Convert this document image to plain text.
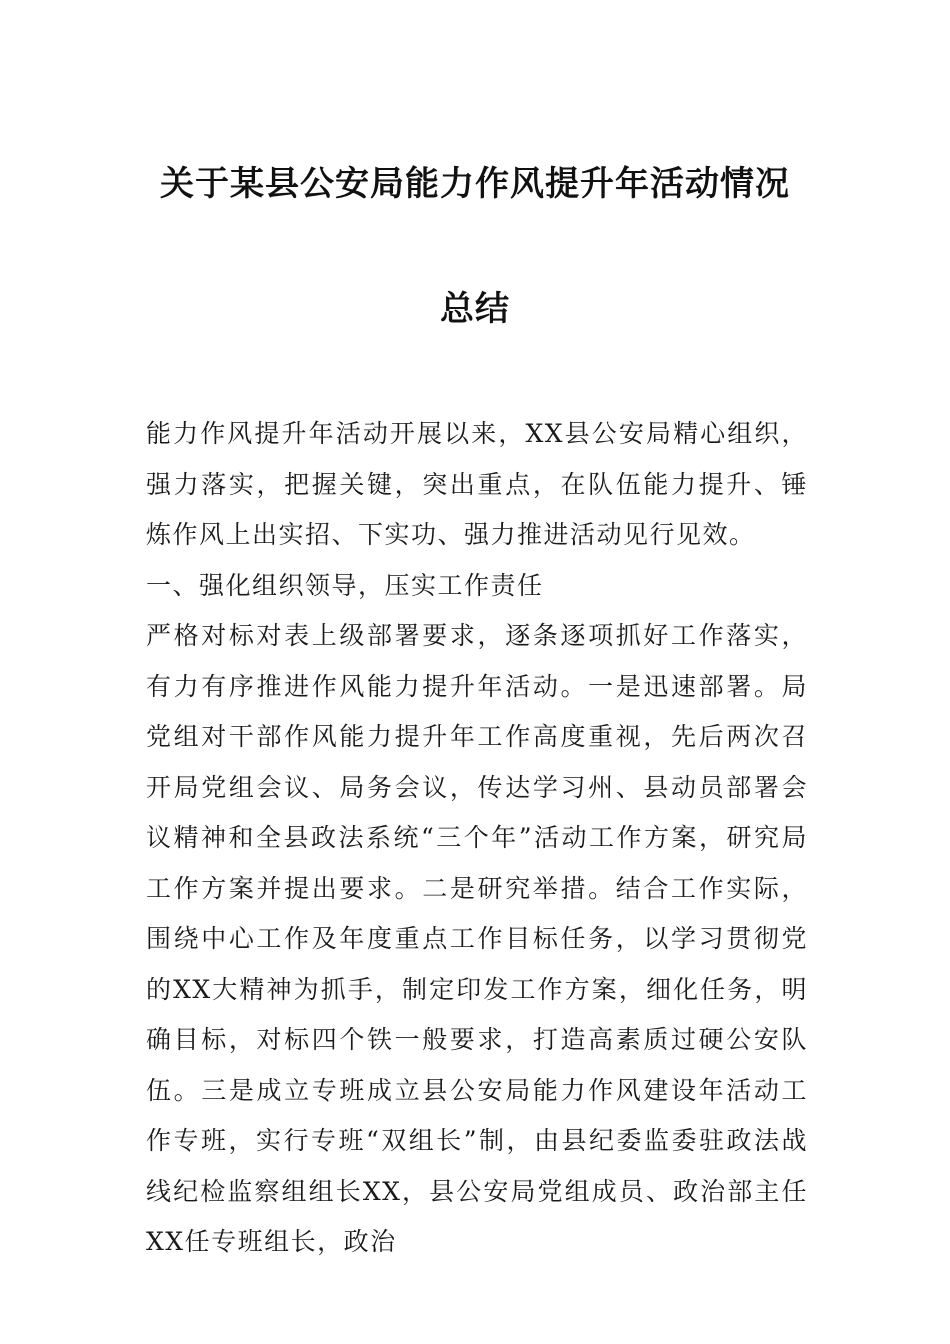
关于某县公安局能力作风提升年活动情况
总结

能力作风提升年活动开展以来，XX县公安局精心组织，强力落实，把握关键，突出重点，在队伍能力提升、锤炼作风上出实招、下实功、强力推进活动见行见效。

一、强化组织领导，压实工作责任

严格对标对表上级部署要求，逐条逐项抓好工作落实，有力有序推进作风能力提升年活动。一是迅速部署。局党组对干部作风能力提升年工作高度重视，先后两次召开局党组会议、局务会议，传达学习州、县动员部署会议精神和全县政法系统“三个年”活动工作方案，研究局工作方案并提出要求。二是研究举措。结合工作实际，围绕中心工作及年度重点工作目标任务，以学习贯彻党的XX大精神为抓手，制定印发工作方案，细化任务，明确目标，对标四个铁一般要求，打造高素质过硬公安队伍。三是成立专班成立县公安局能力作风建设年活动工作专班，实行专班“双组长”制，由县纪委监委驻政法战线纪检监察组组长XX，县公安局党组成员、政治部主任XX任专班组长，政治
